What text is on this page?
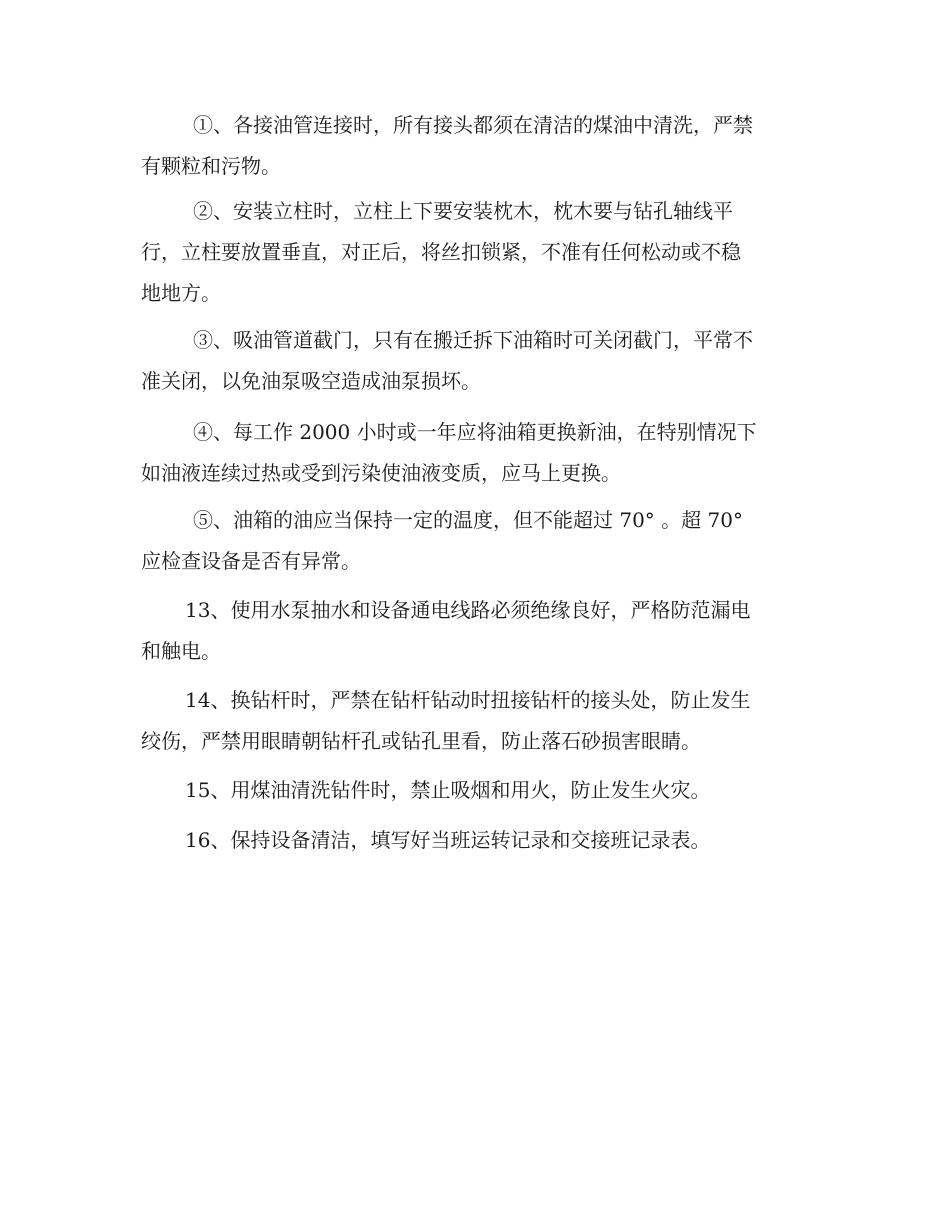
①、各接油管连接时，所有接头都须在清洁的煤油中清洗，严禁
有颗粒和污物。
②、安装立柱时，立柱上下要安装枕木，枕木要与钻孔轴线平
行，立柱要放置垂直，对正后，将丝扣锁紧，不准有任何松动或不稳
地地方。
③、吸油管道截门，只有在搬迁拆下油箱时可关闭截门，平常不
准关闭，以免油泵吸空造成油泵损坏。
④、每工作 2000 小时或一年应将油箱更换新油，在特别情况下
如油液连续过热或受到污染使油液变质，应马上更换。
⑤、油箱的油应当保持一定的温度，但不能超过 70° 。超 70°
应检查设备是否有异常。
13、使用水泵抽水和设备通电线路必须绝缘良好，严格防范漏电
和触电。
14、换钻杆时，严禁在钻杆钻动时扭接钻杆的接头处，防止发生
绞伤，严禁用眼睛朝钻杆孔或钻孔里看，防止落石砂损害眼睛。
15、用煤油清洗钻件时，禁止吸烟和用火，防止发生火灾。
16、保持设备清洁，填写好当班运转记录和交接班记录表。
